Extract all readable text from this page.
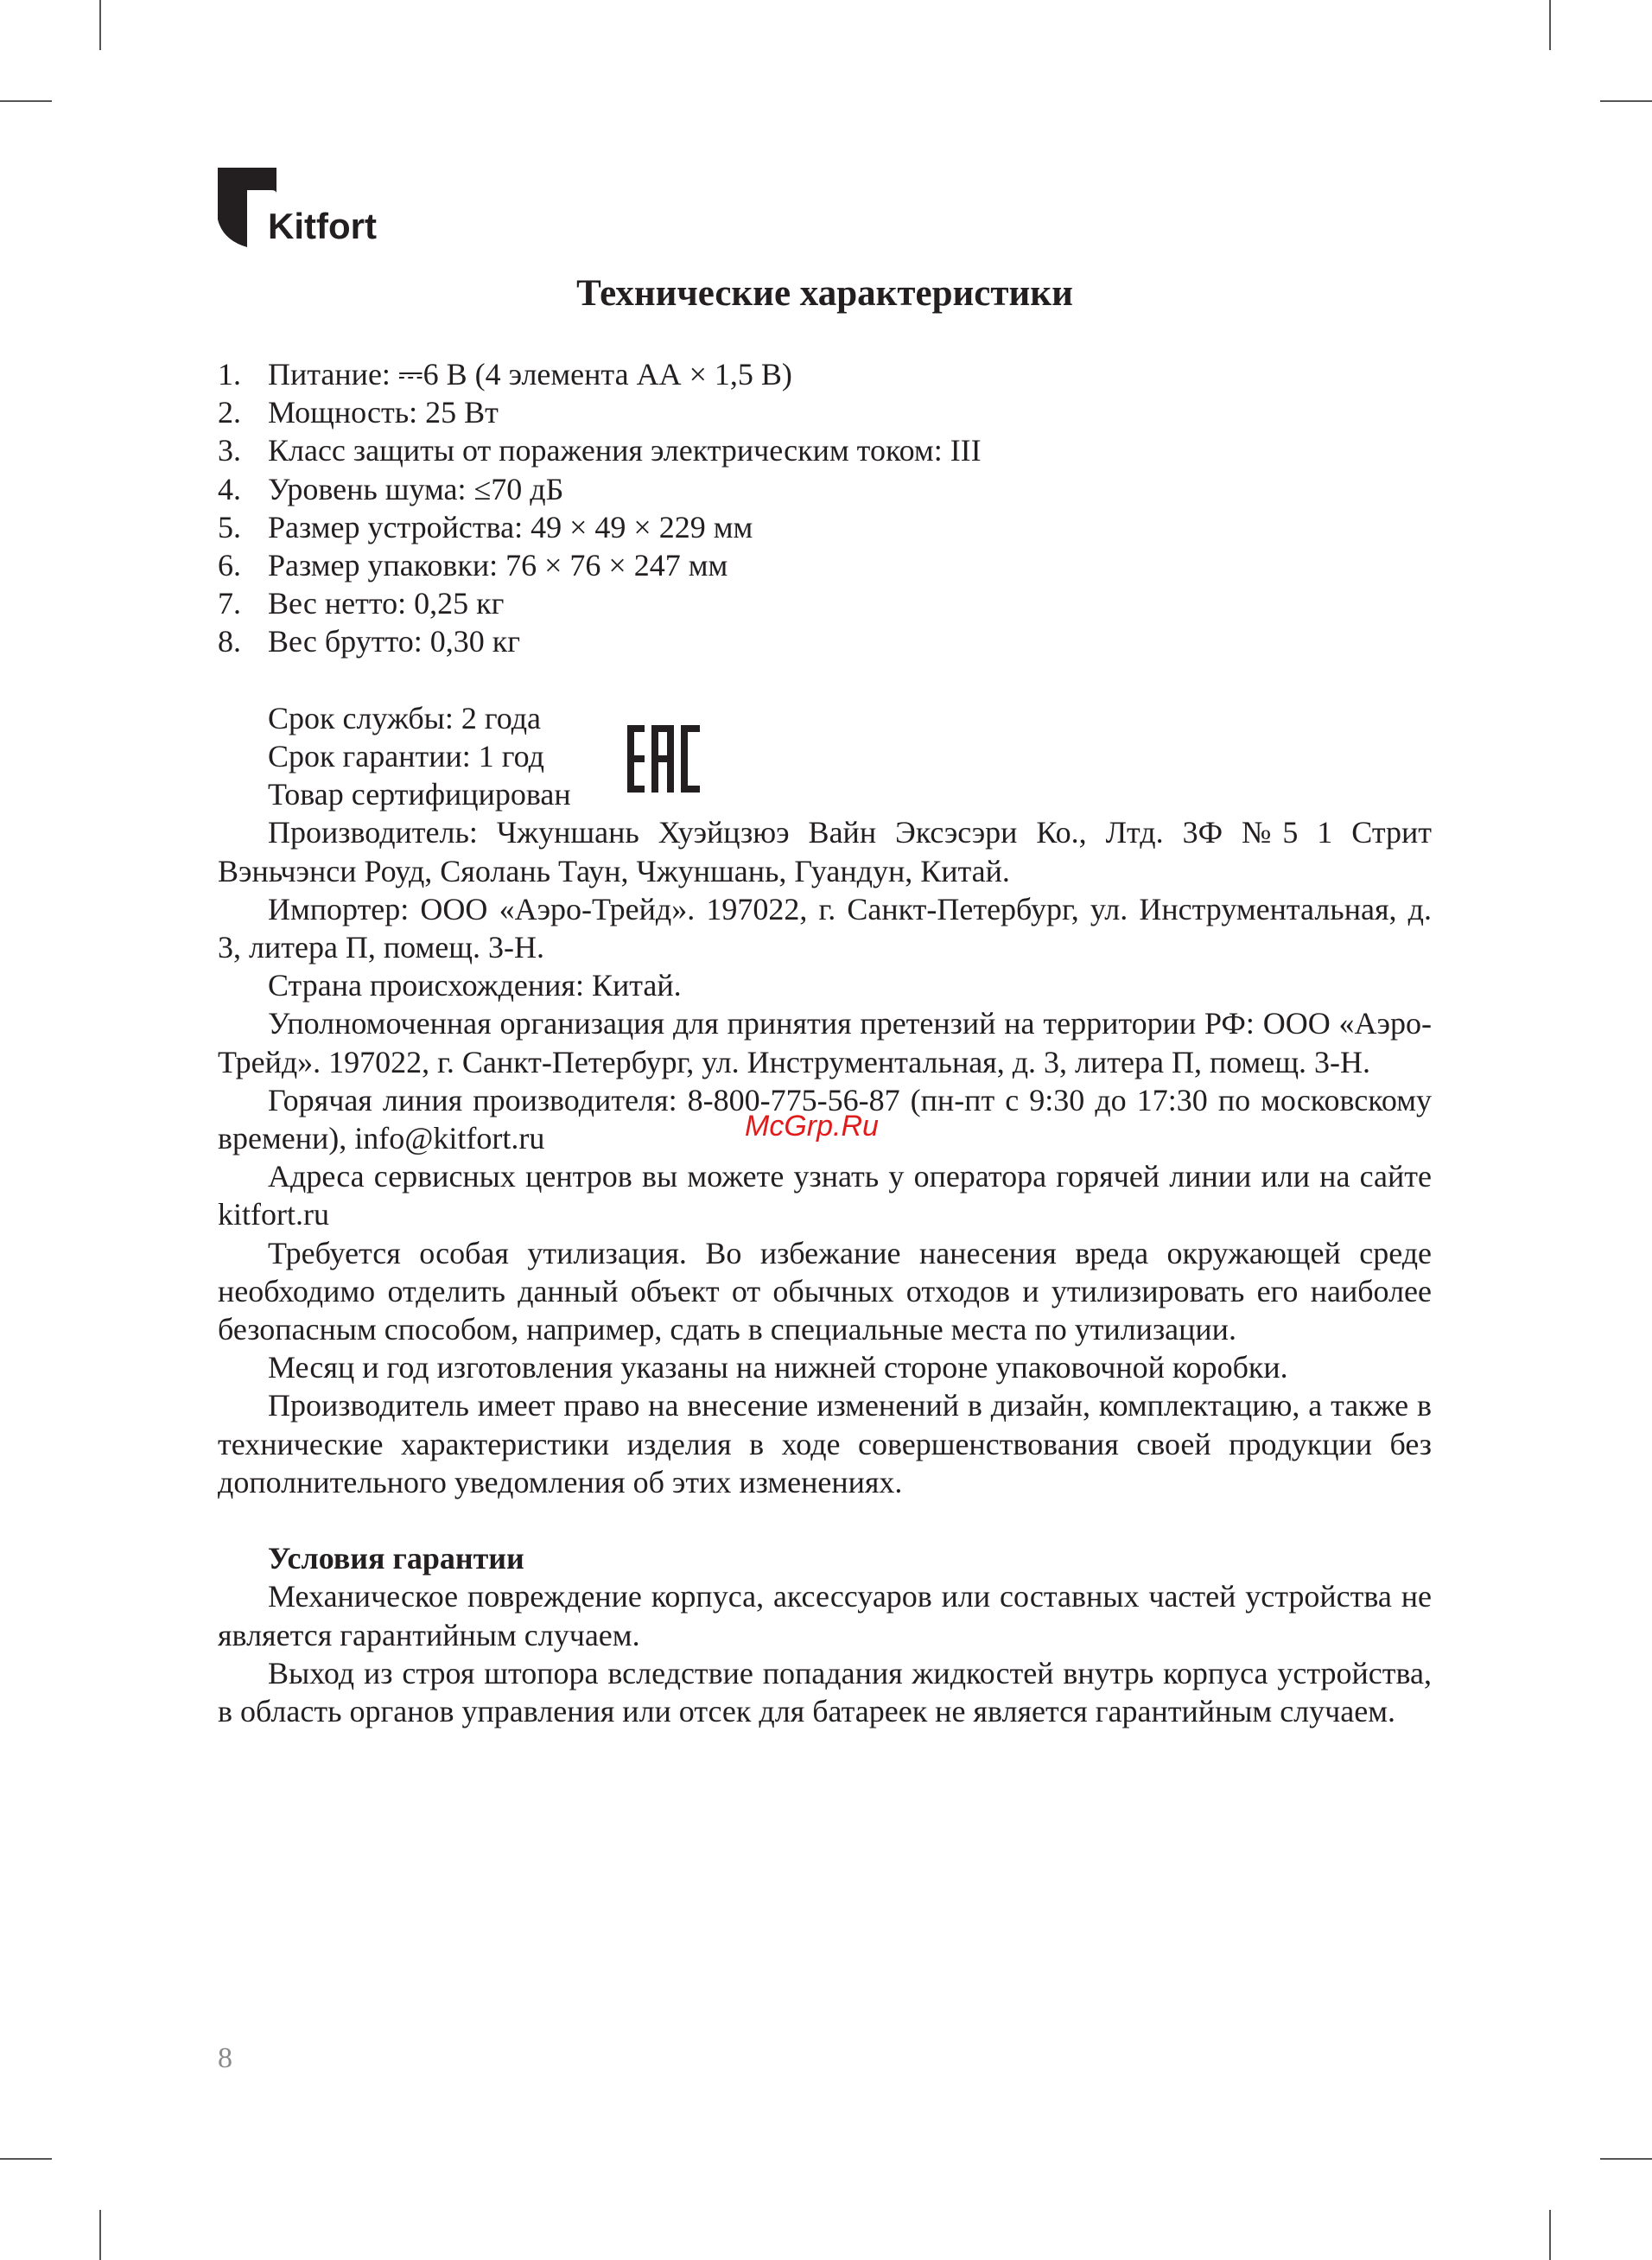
Kitfort
Технические характеристики
1. Питание: ⎓6 В (4 элемента АА × 1,5 В)
2. Мощность: 25 Вт
3. Класс защиты от поражения электрическим током: III
4. Уровень шума: ≤70 дБ
5. Размер устройства: 49 × 49 × 229 мм
6. Размер упаковки: 76 × 76 × 247 мм
7. Вес нетто: 0,25 кг
8. Вес брутто: 0,30 кг
Срок службы: 2 года
Срок гарантии: 1 год
Товар сертифицирован

Производитель: Чжуншань Хуэйцзюэ Вайн Эксэсэри Ко., Лтд. 3Ф №5 1 Стрит Вэньчэнси Роуд, Сяолань Таун, Чжуншань, Гуандун, Китай.

Импортер: ООО «Аэро-Трейд». 197022, г. Санкт-Петербург, ул. Инструментальная, д. 3, литера П, помещ. 3-Н.

Страна происхождения: Китай.

Уполномоченная организация для принятия претензий на территории РФ: ООО «Аэро-Трейд». 197022, г. Санкт-Петербург, ул. Инструментальная, д. 3, литера П, помещ. 3-Н.

Горячая линия производителя: 8-800-775-56-87 (пн-пт с 9:30 до 17:30 по московскому времени), info@kitfort.ru

Адреса сервисных центров вы можете узнать у оператора горячей линии или на сайте kitfort.ru

Требуется особая утилизация. Во избежание нанесения вреда окружающей среде необходимо отделить данный объект от обычных отходов и утилизировать его наиболее безопасным способом, например, сдать в специальные места по утилизации.

Месяц и год изготовления указаны на нижней стороне упаковочной коробки.

Производитель имеет право на внесение изменений в дизайн, комплектацию, а также в технические характеристики изделия в ходе совершенствования своей продукции без дополнительного уведомления об этих изменениях.

Условия гарантии

Механическое повреждение корпуса, аксессуаров или составных частей устройства не является гарантийным случаем.

Выход из строя штопора вследствие попадания жидкостей внутрь корпуса устройства, в область органов управления или отсек для батареек не является гарантийным случаем.

McGrp.Ru
8
